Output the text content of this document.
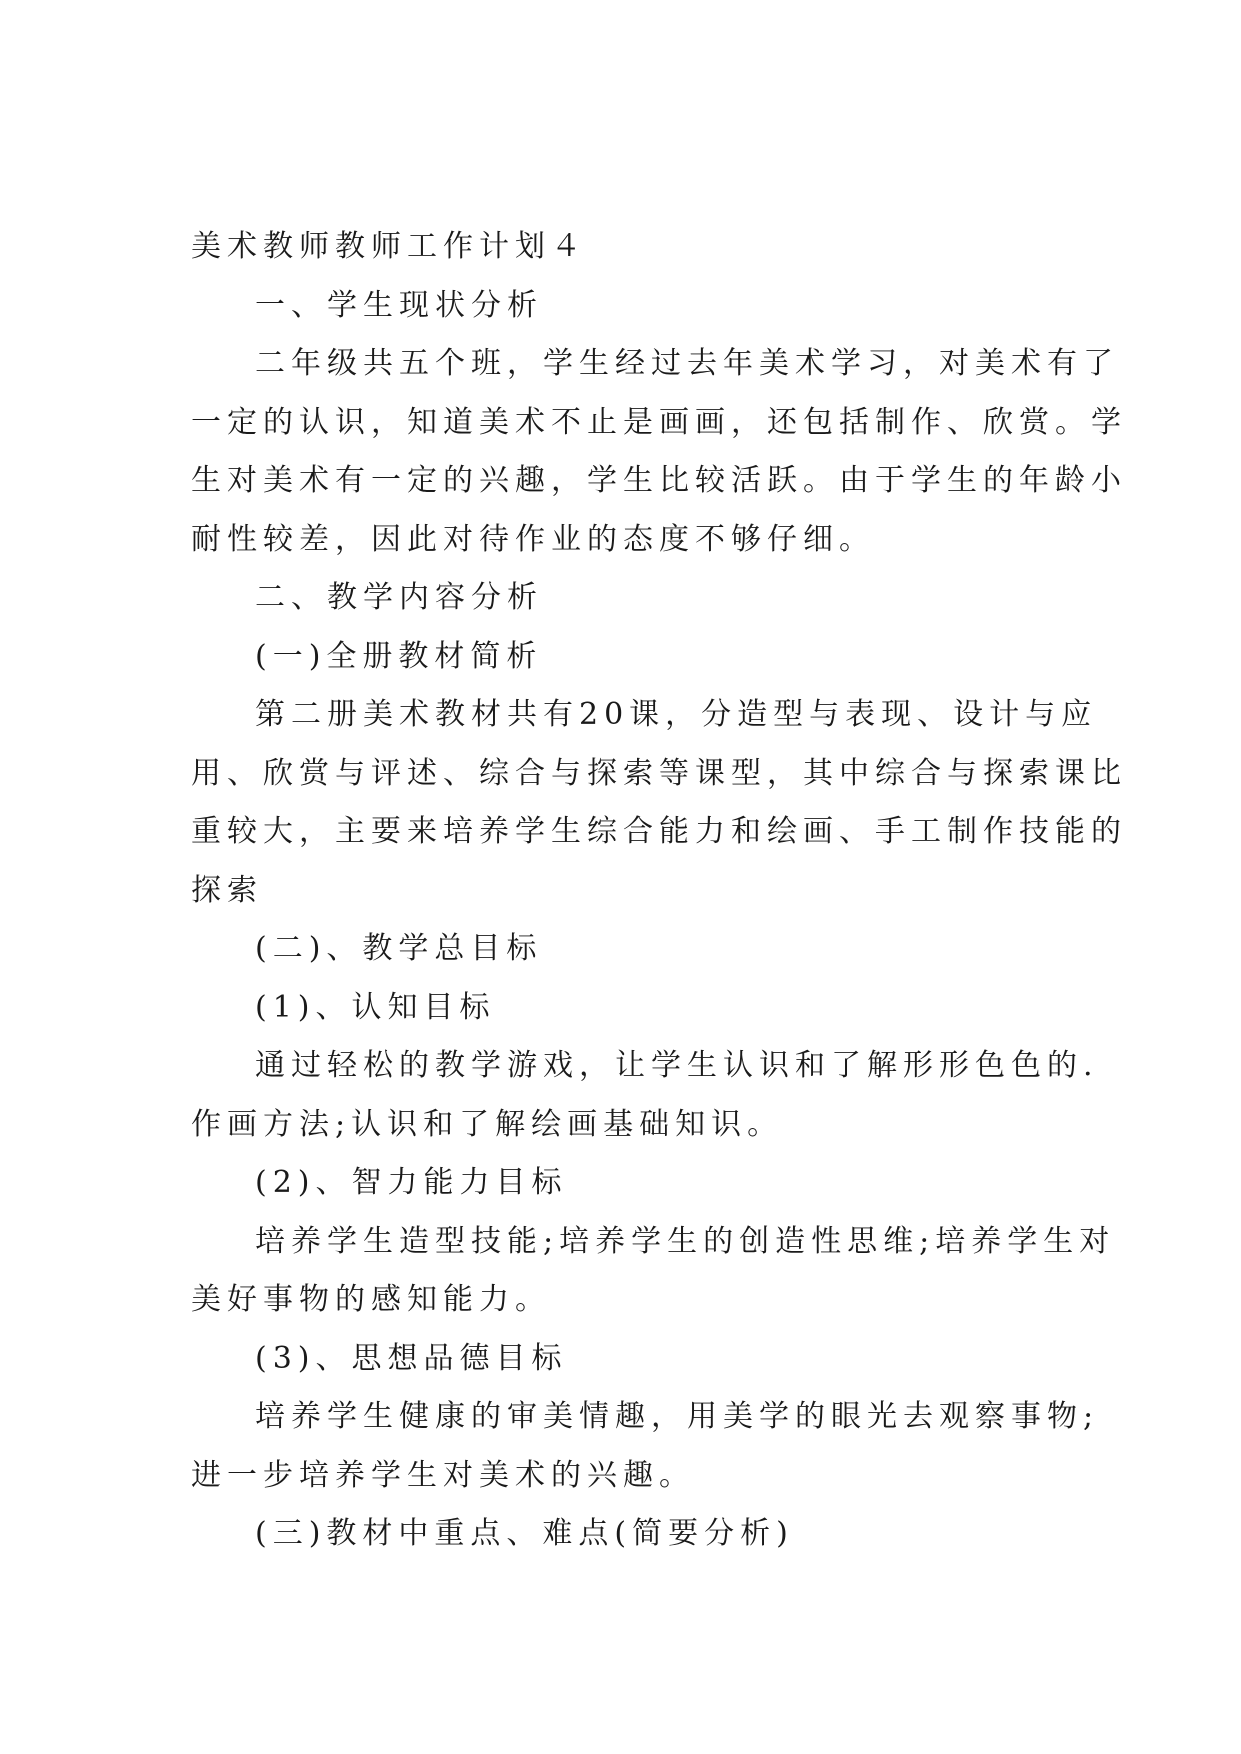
美术教师教师工作计划４

一、学生现状分析

二年级共五个班，学生经过去年美术学习，对美术有了

一定的认识，知道美术不止是画画，还包括制作、欣赏。学

生对美术有一定的兴趣，学生比较活跃。由于学生的年龄小

耐性较差，因此对待作业的态度不够仔细。

二、教学内容分析

(一)全册教材简析

第二册美术教材共有20课，分造型与表现、设计与应

用、欣赏与评述、综合与探索等课型，其中综合与探索课比

重较大，主要来培养学生综合能力和绘画、手工制作技能的

探索

(二)、教学总目标

(1)、认知目标

通过轻松的教学游戏，让学生认识和了解形形色色的.

作画方法;认识和了解绘画基础知识。

(2)、智力能力目标

培养学生造型技能;培养学生的创造性思维;培养学生对

美好事物的感知能力。

(3)、思想品德目标

培养学生健康的审美情趣，用美学的眼光去观察事物;

进一步培养学生对美术的兴趣。

(三)教材中重点、难点(简要分析)
